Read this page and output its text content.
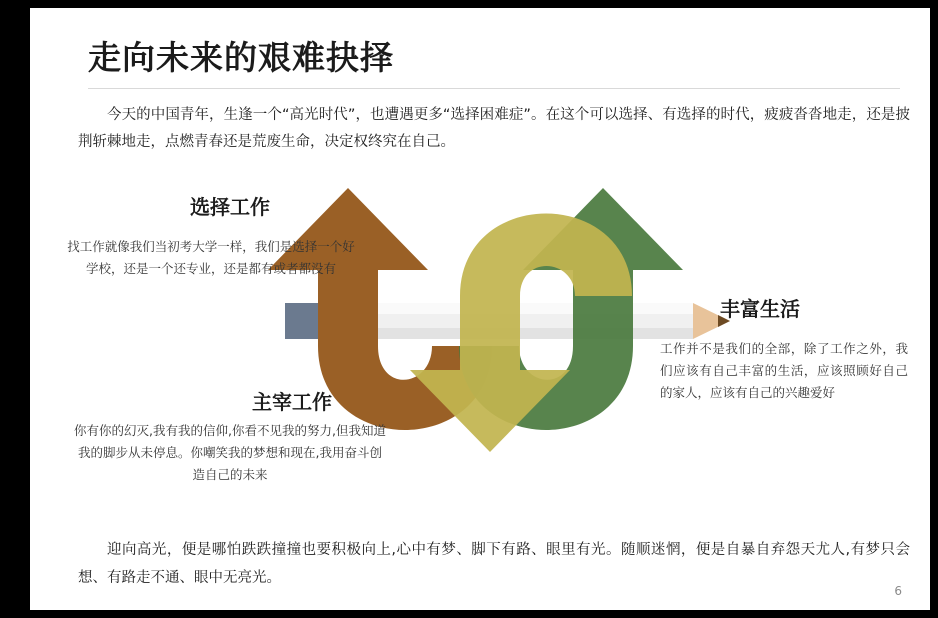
走向未来的艰难抉择
今天的中国青年，生逢一个“高光时代”，也遭遇更多“选择困难症”。在这个可以选择、有选择的时代，疲疲沓沓地走，还是披荆斩棘地走，点燃青春还是荒废生命，决定权终究在自己。
选择工作
找工作就像我们当初考大学一样，我们是选择一个好学校，还是一个还专业，还是都有或者都没有
主宰工作
你有你的幻灭,我有我的信仰,你看不见我的努力,但我知道我的脚步从未停息。你嘲笑我的梦想和现在,我用奋斗创造自己的未来
丰富生活
工作并不是我们的全部，除了工作之外，我们应该有自己丰富的生活，应该照顾好自己的家人，应该有自己的兴趣爱好
迎向高光，便是哪怕跌跌撞撞也要积极向上,心中有梦、脚下有路、眼里有光。随顺迷惘，便是自暴自弃怨天尤人,有梦只会想、有路走不通、眼中无亮光。
6
